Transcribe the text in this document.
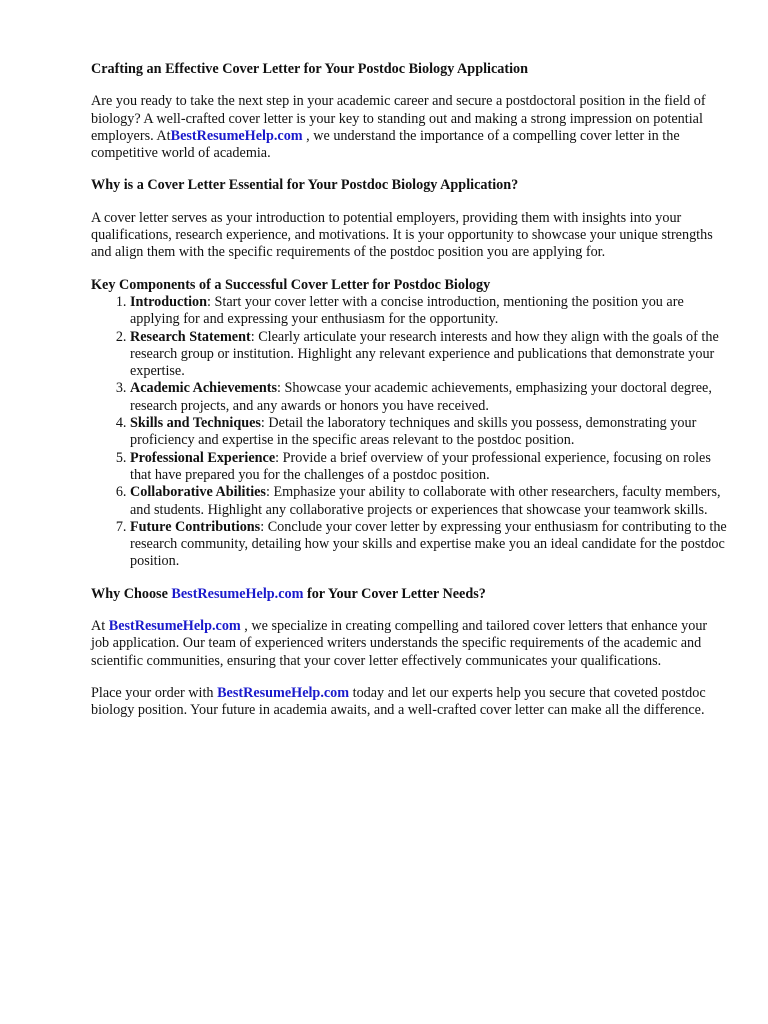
Crafting an Effective Cover Letter for Your Postdoc Biology Application

Are you ready to take the next step in your academic career and secure a postdoctoral position in the field of biology? A well-crafted cover letter is your key to standing out and making a strong impression on potential employers. AtBestResumeHelp.com , we understand the importance of a compelling cover letter in the competitive world of academia.

Why is a Cover Letter Essential for Your Postdoc Biology Application?

A cover letter serves as your introduction to potential employers, providing them with insights into your qualifications, research experience, and motivations. It is your opportunity to showcase your unique strengths and align them with the specific requirements of the postdoc position you are applying for.

Key Components of a Successful Cover Letter for Postdoc Biology

1. Introduction: Start your cover letter with a concise introduction, mentioning the position you are applying for and expressing your enthusiasm for the opportunity.
2. Research Statement: Clearly articulate your research interests and how they align with the goals of the research group or institution. Highlight any relevant experience and publications that demonstrate your expertise.
3. Academic Achievements: Showcase your academic achievements, emphasizing your doctoral degree, research projects, and any awards or honors you have received.
4. Skills and Techniques: Detail the laboratory techniques and skills you possess, demonstrating your proficiency and expertise in the specific areas relevant to the postdoc position.
5. Professional Experience: Provide a brief overview of your professional experience, focusing on roles that have prepared you for the challenges of a postdoc position.
6. Collaborative Abilities: Emphasize your ability to collaborate with other researchers, faculty members, and students. Highlight any collaborative projects or experiences that showcase your teamwork skills.
7. Future Contributions: Conclude your cover letter by expressing your enthusiasm for contributing to the research community, detailing how your skills and expertise make you an ideal candidate for the postdoc position.

Why Choose BestResumeHelp.com for Your Cover Letter Needs?

At BestResumeHelp.com , we specialize in creating compelling and tailored cover letters that enhance your job application. Our team of experienced writers understands the specific requirements of the academic and scientific communities, ensuring that your cover letter effectively communicates your qualifications.

Place your order with BestResumeHelp.com today and let our experts help you secure that coveted postdoc biology position. Your future in academia awaits, and a well-crafted cover letter can make all the difference.
